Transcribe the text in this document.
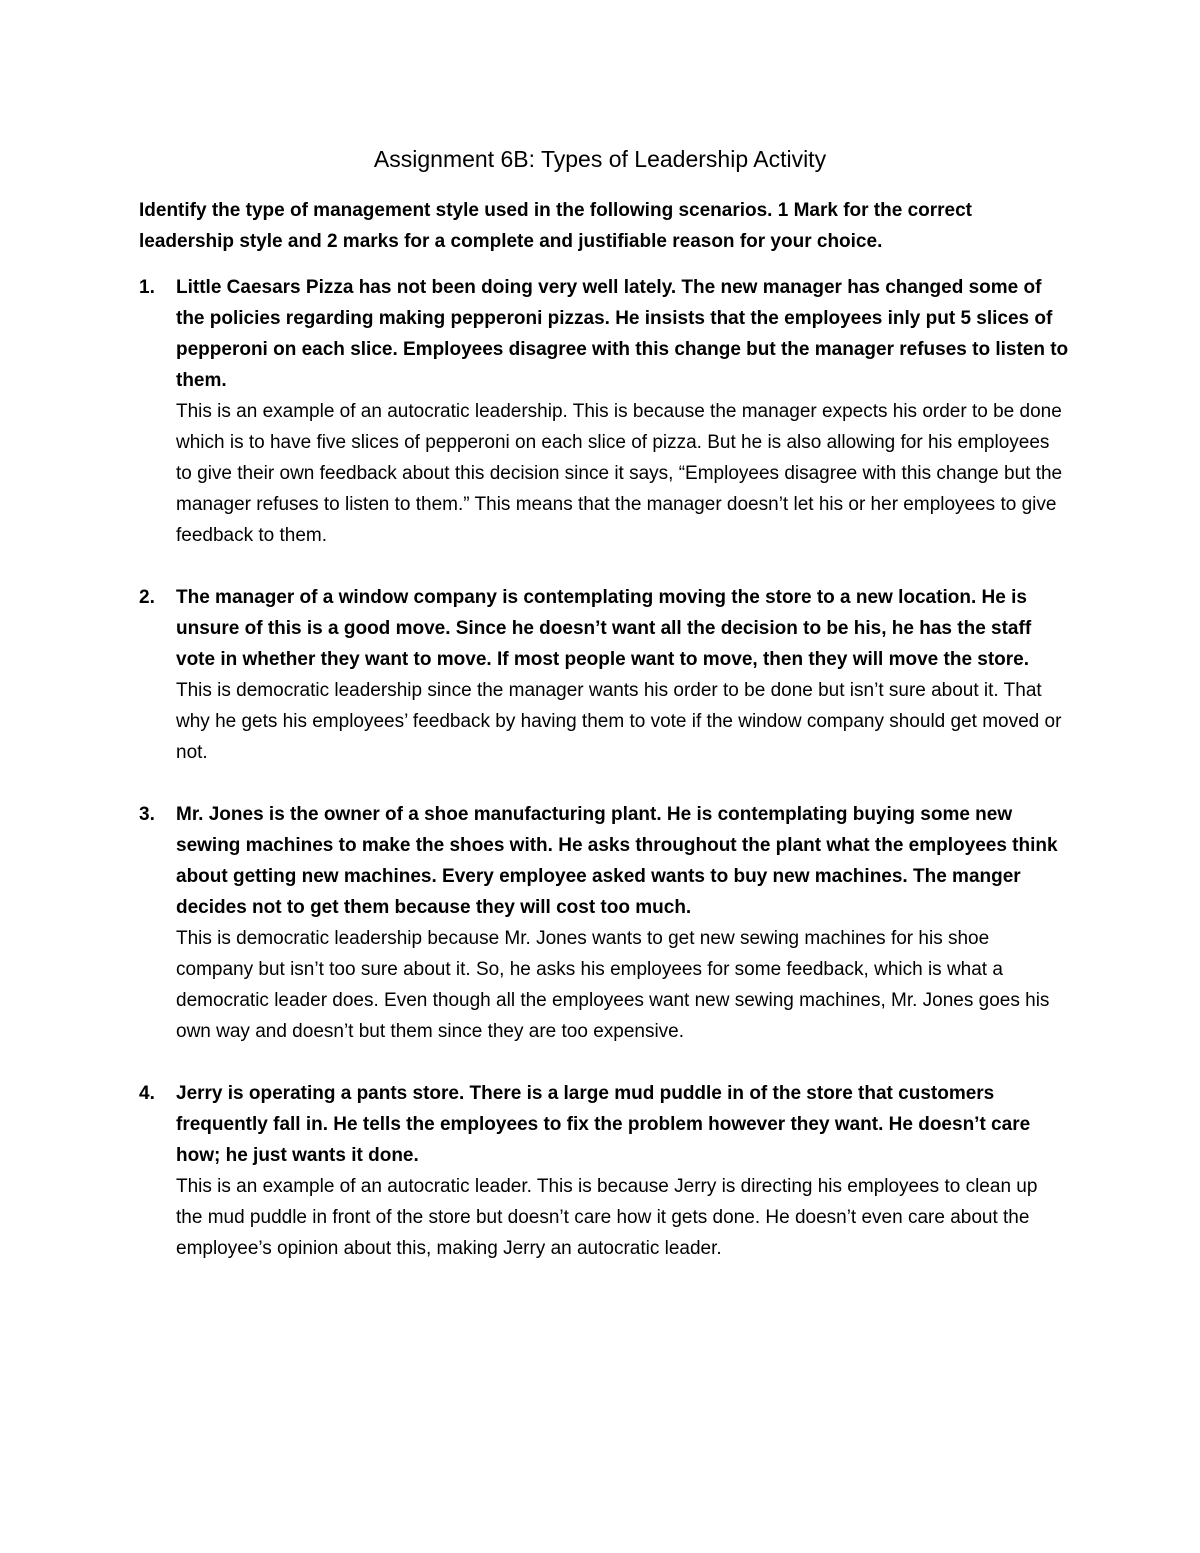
Assignment 6B: Types of Leadership Activity

Identify the type of management style used in the following scenarios. 1 Mark for the correct leadership style and 2 marks for a complete and justifiable reason for your choice.

1. Little Caesars Pizza has not been doing very well lately. The new manager has changed some of the policies regarding making pepperoni pizzas. He insists that the employees inly put 5 slices of pepperoni on each slice. Employees disagree with this change but the manager refuses to listen to them.

This is an example of an autocratic leadership. This is because the manager expects his order to be done which is to have five slices of pepperoni on each slice of pizza. But he is also allowing for his employees to give their own feedback about this decision since it says, “Employees disagree with this change but the manager refuses to listen to them.” This means that the manager doesn’t let his or her employees to give feedback to them.

2. The manager of a window company is contemplating moving the store to a new location. He is unsure of this is a good move. Since he doesn’t want all the decision to be his, he has the staff vote in whether they want to move. If most people want to move, then they will move the store.

This is democratic leadership since the manager wants his order to be done but isn’t sure about it. That why he gets his employees’ feedback by having them to vote if the window company should get moved or not.

3. Mr. Jones is the owner of a shoe manufacturing plant. He is contemplating buying some new sewing machines to make the shoes with. He asks throughout the plant what the employees think about getting new machines. Every employee asked wants to buy new machines. The manger decides not to get them because they will cost too much.

This is democratic leadership because Mr. Jones wants to get new sewing machines for his shoe company but isn’t too sure about it. So, he asks his employees for some feedback, which is what a democratic leader does. Even though all the employees want new sewing machines, Mr. Jones goes his own way and doesn’t but them since they are too expensive.

4. Jerry is operating a pants store. There is a large mud puddle in of the store that customers frequently fall in. He tells the employees to fix the problem however they want. He doesn’t care how; he just wants it done.

This is an example of an autocratic leader. This is because Jerry is directing his employees to clean up the mud puddle in front of the store but doesn’t care how it gets done. He doesn’t even care about the employee’s opinion about this, making Jerry an autocratic leader.
